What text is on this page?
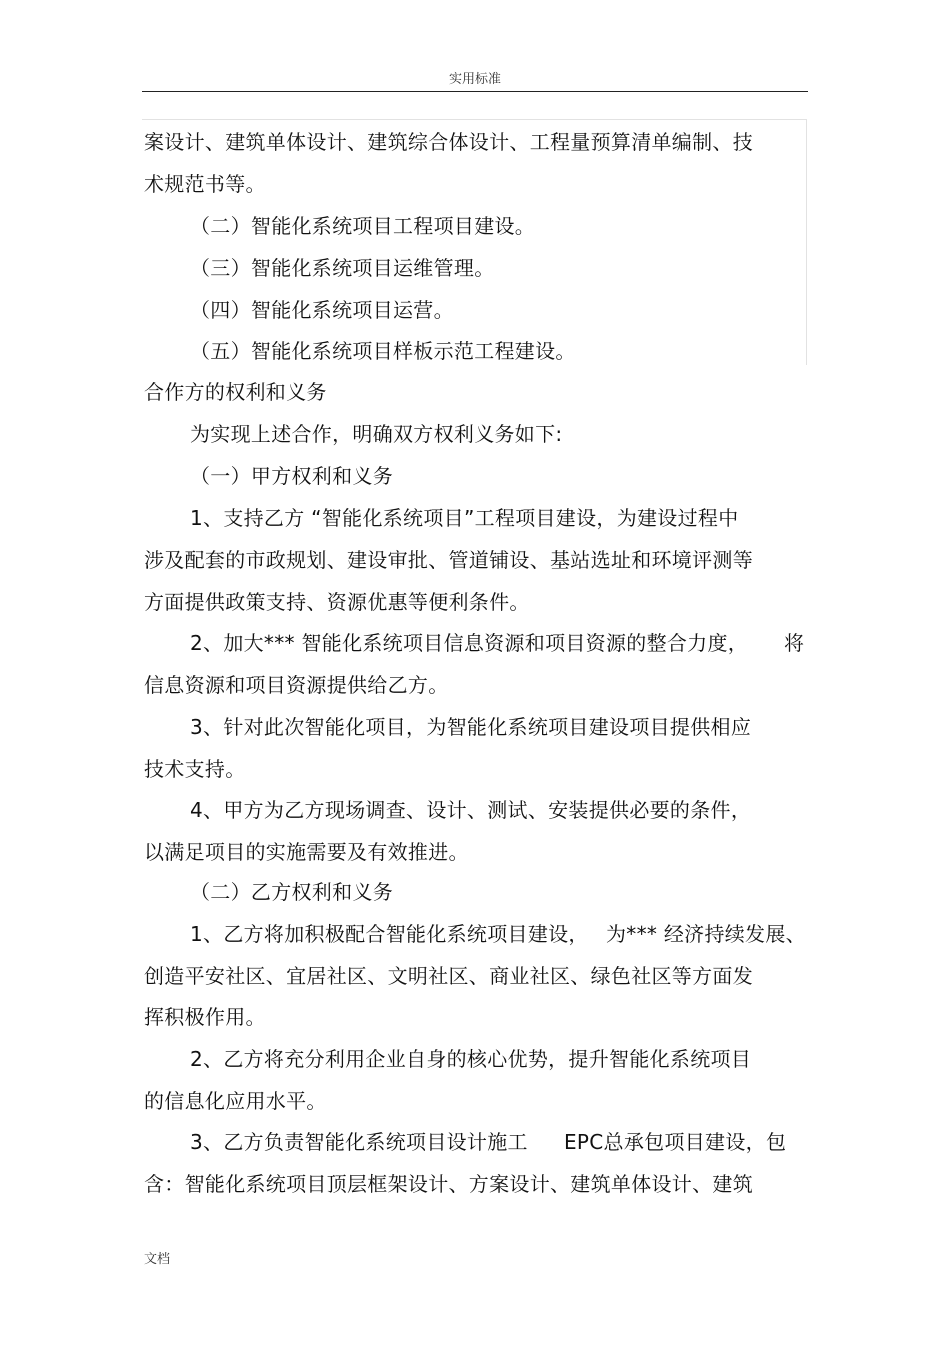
实用标准
案设计、建筑单体设计、建筑综合体设计、工程量预算清单编制、技
术规范书等。
（二）智能化系统项目工程项目建设。
（三）智能化系统项目运维管理。
（四）智能化系统项目运营。
（五）智能化系统项目样板示范工程建设。
合作方的权利和义务
为实现上述合作，明确双方权利义务如下:
（一）甲方权利和义务
1、支持乙方 “智能化系统项目”工程项目建设，为建设过程中
涉及配套的市政规划、建设审批、管道铺设、基站选址和环境评测等
方面提供政策支持、资源优惠等便利条件。
2、加大*** 智能化系统项目信息资源和项目资源的整合力度， 将
信息资源和项目资源提供给乙方。
3、针对此次智能化项目，为智能化系统项目建设项目提供相应
技术支持。
4、甲方为乙方现场调查、设计、测试、安装提供必要的条件，
以满足项目的实施需要及有效推进。
（二）乙方权利和义务
1、乙方将加积极配合智能化系统项目建设， 为*** 经济持续发展、
创造平安社区、宜居社区、文明社区、商业社区、绿色社区等方面发
挥积极作用。
2、乙方将充分利用企业自身的核心优势，提升智能化系统项目
的信息化应用水平。
3、乙方负责智能化系统项目设计施工 EPC总承包项目建设，包
含：智能化系统项目顶层框架设计、方案设计、建筑单体设计、建筑
文档
